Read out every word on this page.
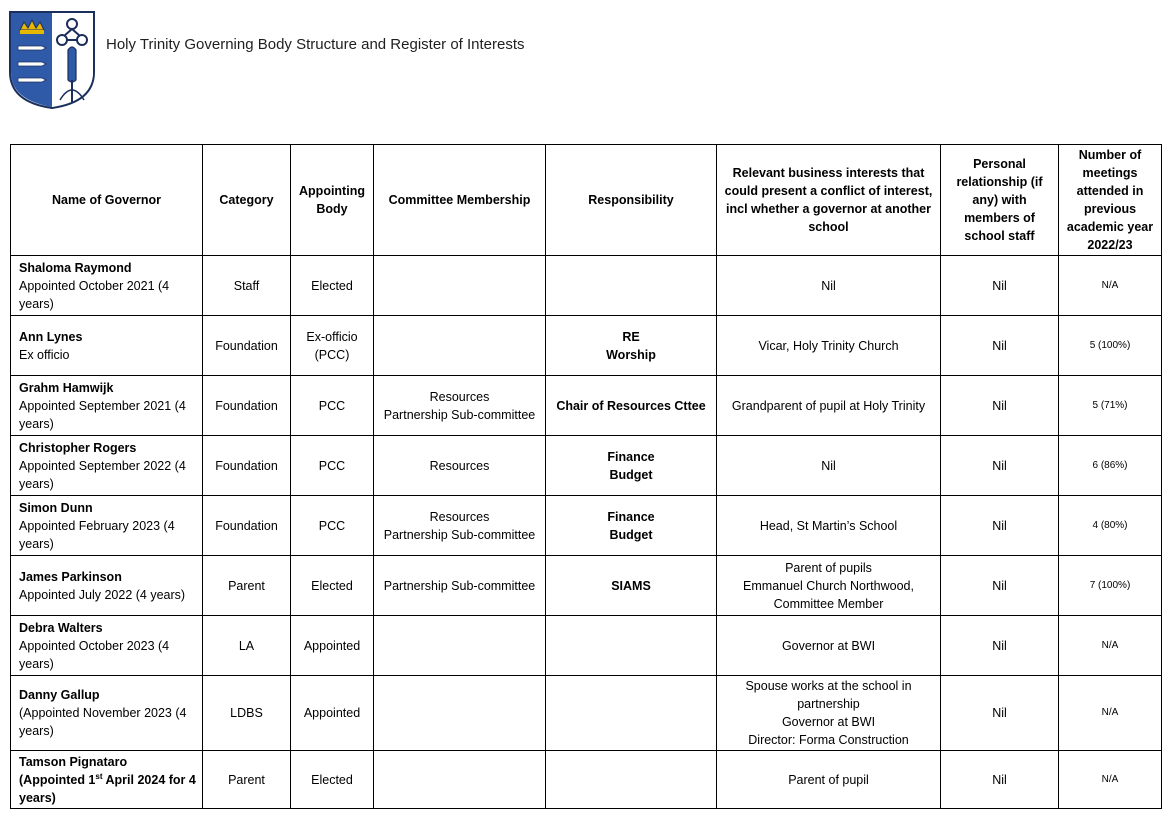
Holy Trinity Governing Body Structure and Register of Interests
Name of Governor	Category	Appointing Body	Committee Membership	Responsibility	Relevant business interests that could present a conflict of interest, incl whether a governor at another school	Personal relationship (if any) with members of school staff	Number of meetings attended in previous academic year 2022/23

Shaloma Raymond
Appointed October 2021 (4 years)	Staff	Elected			Nil	Nil	N/A

Ann Lynes
Ex officio	Foundation	Ex-officio (PCC)		RE
Worship	Vicar, Holy Trinity Church	Nil	5 (100%)

Grahm Hamwijk
Appointed September 2021 (4 years)	Foundation	PCC	Resources
Partnership Sub-committee	Chair of Resources Cttee	Grandparent of pupil at Holy Trinity	Nil	5 (71%)

Christopher Rogers
Appointed September 2022 (4 years)	Foundation	PCC	Resources	Finance
Budget	Nil	Nil	6 (86%)

Simon Dunn
Appointed February 2023 (4 years)	Foundation	PCC	Resources
Partnership Sub-committee	Finance
Budget	Head, St Martin’s School	Nil	4 (80%)

James Parkinson
Appointed July 2022 (4 years)	Parent	Elected	Partnership Sub-committee	SIAMS	Parent of pupils
Emmanuel Church Northwood, Committee Member	Nil	7 (100%)

Debra Walters
Appointed October 2023 (4 years)	LA	Appointed			Governor at BWI	Nil	N/A

Danny Gallup
(Appointed November 2023 (4 years)	LDBS	Appointed			Spouse works at the school in partnership
Governor at BWI
Director: Forma Construction	Nil	N/A

Tamson Pignataro
(Appointed 1st April 2024 for 4 years)	Parent	Elected			Parent of pupil	Nil	N/A
